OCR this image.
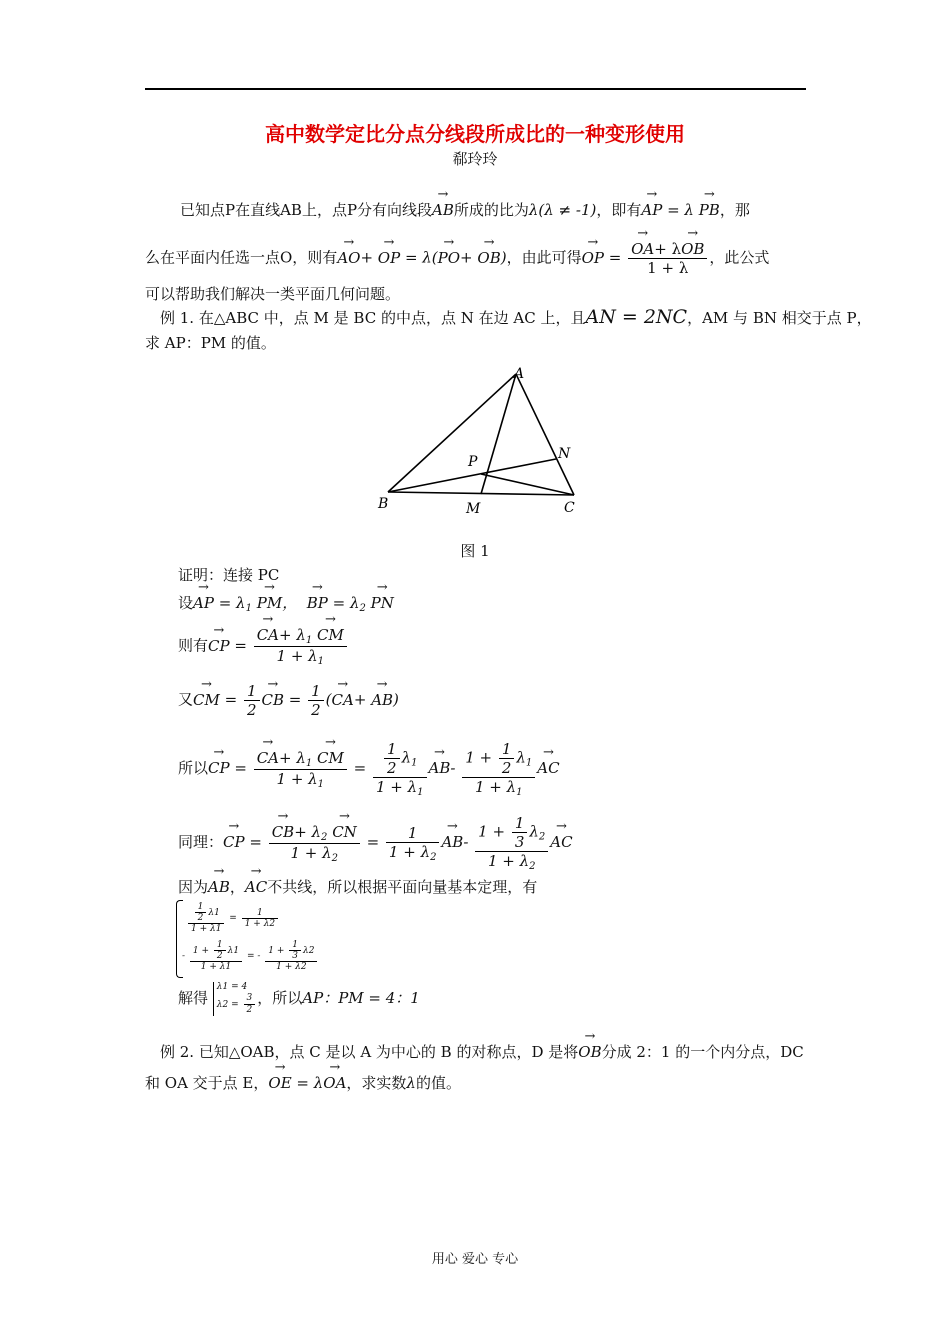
高中数学定比分点分线段所成比的一种变形使用
郗玲玲
已知点P在直线AB上，点P分有向线段→ AB所成的比为λ(λ ≠ -1)，即有→ AP = λ → PB，那
么在平面内任选一点O，则有→ AO+ → OP = λ(→ PO+ → OB)，由此可得→ OP =
→ $\frac{OA+ \lambda\to OB}{1 + \lambda}$ ，此公式
可以帮助我们解决一类平面几何问题。
例 1. 在△ABC 中，点 M 是 BC 的中点，点 N 在边 AC 上，且AN = 2NC，AM 与 BN 相交于点 P，
求 AP：PM 的值。
A
B	C
M
N
P
图 1
证明：连接 PC
设→ AP = $\lambda_1$ → PM，  → BP = $\lambda_2$ → PN
则有→ CP =
→ $\frac{CA+ \lambda_1 \to CM}{1 + \lambda_1}$
又→ CM = $\frac{1}{2}$
→ CB = $\frac{1}{2}$ (→ CA+ → AB)
所以→ CP =
→ $\frac{CA+ \lambda_1 \to CM}{1 + \lambda_1} = \frac{\frac{1}{2} \lambda_1}{1 + \lambda_1}$
→ $AB- \frac{1 + \frac{1}{2} \lambda_1}{1 + \lambda_1}$
→ AC
同理：→ CP =
→ $\frac{CB+ \lambda_2 \to CN}{1 + \lambda_2} = \frac{1}{1 + \lambda_2}$
→ $AB- \frac{1 + \frac{1}{3} \lambda_2}{1 + \lambda_2}$
→ AC
因为→ AB，→ AC不共线，所以根据平面向量基本定理，有
$\frac{\frac{1}{2} \lambda 1}{1 + \lambda 1} = \frac{1}{1 + \lambda 2}$
- $\frac{1 + \frac{1}{2} \lambda 1}{1 + \lambda 1}$ = - $\frac{1 + \frac{1}{3} \lambda 2}{1 + \lambda 2}$
解得 λ1 = 4
$\lambda 2 = \frac{3}{2}$ ，所以AP：PM = 4：1
例 2. 已知△OAB，点 C 是以 A 为中心的 B 的对称点，D 是将→ OB分成 2：1 的一个内分点，DC
和 OA 交于点 E，→ OE = λ→ OA，求实数λ的值。
用心 爱心 专心
